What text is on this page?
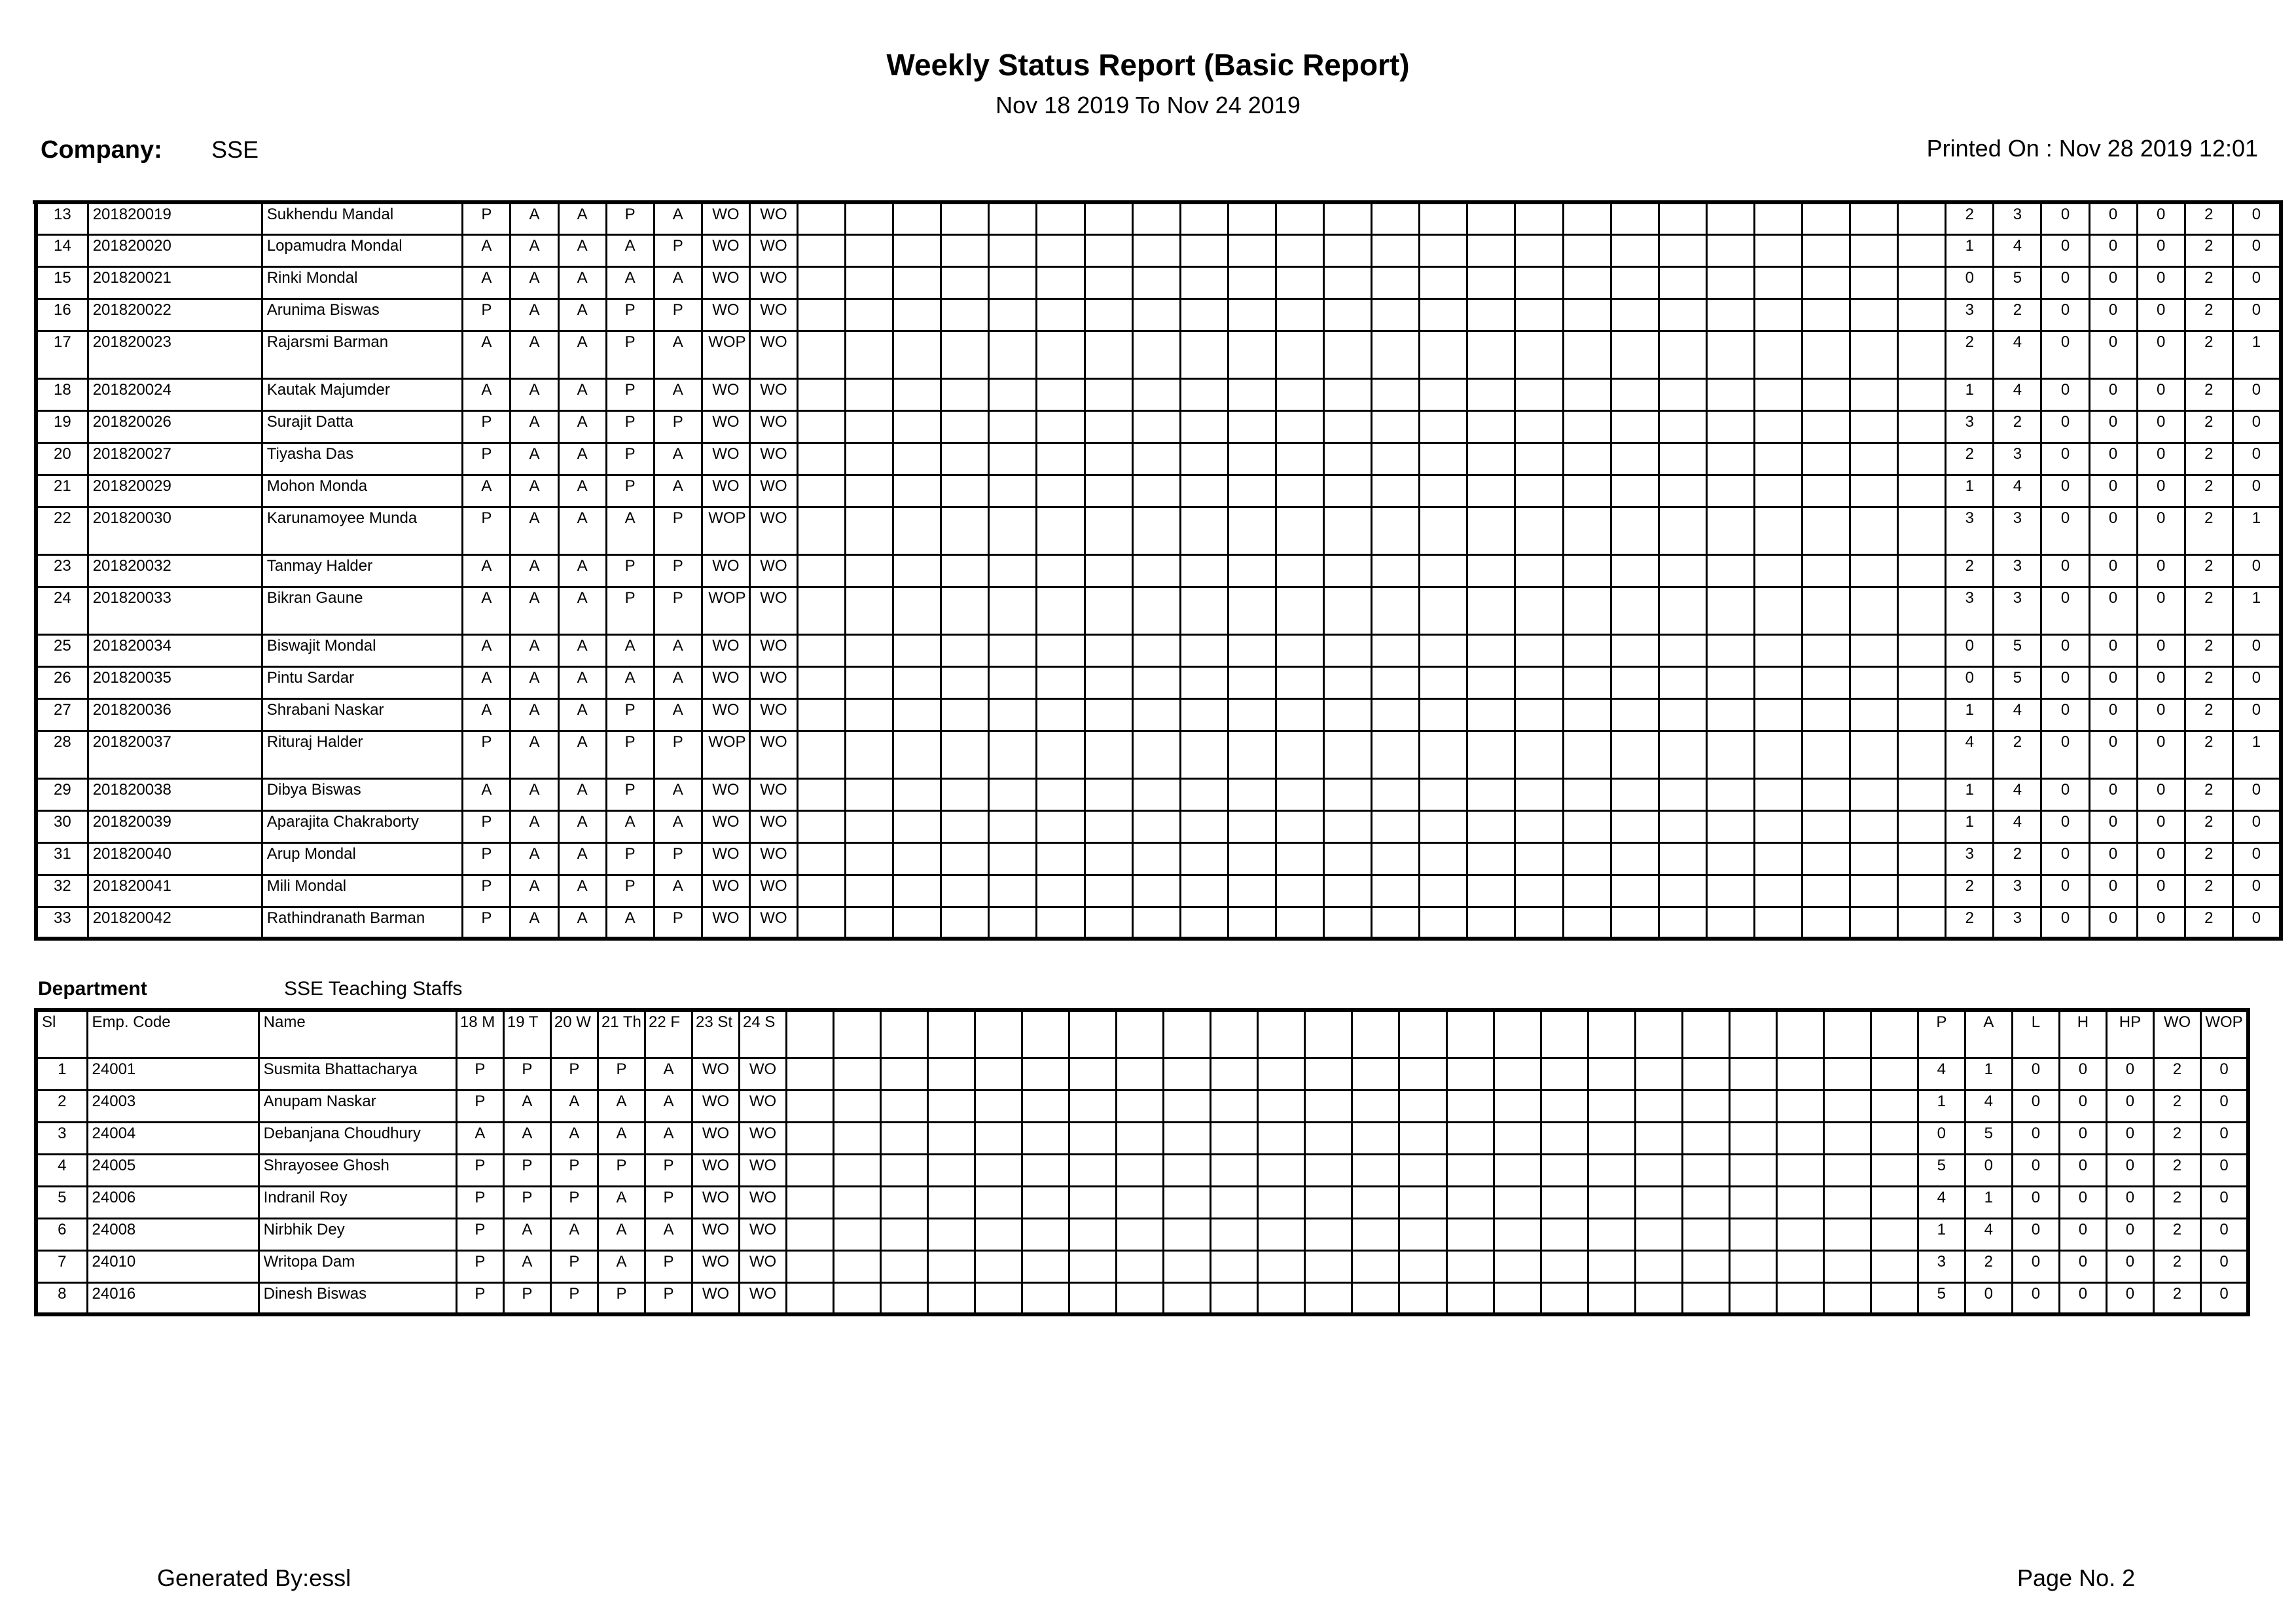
Weekly Status Report (Basic Report)
Nov 18 2019 To Nov 24 2019
Company: SSE	Printed On : Nov 28 2019 12:01
13	201820019	Sukhendu Mandal	P	A	A	P	A	WO	WO																									2	3	0	0	0	2	0
14	201820020	Lopamudra Mondal	A	A	A	A	P	WO	WO																									1	4	0	0	0	2	0
15	201820021	Rinki Mondal	A	A	A	A	A	WO	WO																									0	5	0	0	0	2	0
16	201820022	Arunima Biswas	P	A	A	P	P	WO	WO																									3	2	0	0	0	2	0
17	201820023	Rajarsmi Barman	A	A	A	P	A	WOP	WO																									2	4	0	0	0	2	1
18	201820024	Kautak Majumder	A	A	A	P	A	WO	WO																									1	4	0	0	0	2	0
19	201820026	Surajit Datta	P	A	A	P	P	WO	WO																									3	2	0	0	0	2	0
20	201820027	Tiyasha Das	P	A	A	P	A	WO	WO																									2	3	0	0	0	2	0
21	201820029	Mohon Monda	A	A	A	P	A	WO	WO																									1	4	0	0	0	2	0
22	201820030	Karunamoyee Munda	P	A	A	A	P	WOP	WO																									3	3	0	0	0	2	1
23	201820032	Tanmay Halder	A	A	A	P	P	WO	WO																									2	3	0	0	0	2	0
24	201820033	Bikran Gaune	A	A	A	P	P	WOP	WO																									3	3	0	0	0	2	1
25	201820034	Biswajit Mondal	A	A	A	A	A	WO	WO																									0	5	0	0	0	2	0
26	201820035	Pintu Sardar	A	A	A	A	A	WO	WO																									0	5	0	0	0	2	0
27	201820036	Shrabani Naskar	A	A	A	P	A	WO	WO																									1	4	0	0	0	2	0
28	201820037	Rituraj Halder	P	A	A	P	P	WOP	WO																									4	2	0	0	0	2	1
29	201820038	Dibya Biswas	A	A	A	P	A	WO	WO																									1	4	0	0	0	2	0
30	201820039	Aparajita Chakraborty	P	A	A	A	A	WO	WO																									1	4	0	0	0	2	0
31	201820040	Arup Mondal	P	A	A	P	P	WO	WO																									3	2	0	0	0	2	0
32	201820041	Mili Mondal	P	A	A	P	A	WO	WO																									2	3	0	0	0	2	0
33	201820042	Rathindranath Barman	P	A	A	A	P	WO	WO																									2	3	0	0	0	2	0
Department	SSE Teaching Staffs
Sl	Emp. Code	Name	18 M	19 T	20 W	21 Th	22 F	23 St	24 S																									P	A	L	H	HP	WO	WOP
1	24001	Susmita Bhattacharya	P	P	P	P	A	WO	WO																									4	1	0	0	0	2	0
2	24003	Anupam Naskar	P	A	A	A	A	WO	WO																									1	4	0	0	0	2	0
3	24004	Debanjana Choudhury	A	A	A	A	A	WO	WO																									0	5	0	0	0	2	0
4	24005	Shrayosee Ghosh	P	P	P	P	P	WO	WO																									5	0	0	0	0	2	0
5	24006	Indranil Roy	P	P	P	A	P	WO	WO																									4	1	0	0	0	2	0
6	24008	Nirbhik Dey	P	A	A	A	A	WO	WO																									1	4	0	0	0	2	0
7	24010	Writopa Dam	P	A	P	A	P	WO	WO																									3	2	0	0	0	2	0
8	24016	Dinesh Biswas	P	P	P	P	P	WO	WO																									5	0	0	0	0	2	0
Generated By:essl	Page No. 2
